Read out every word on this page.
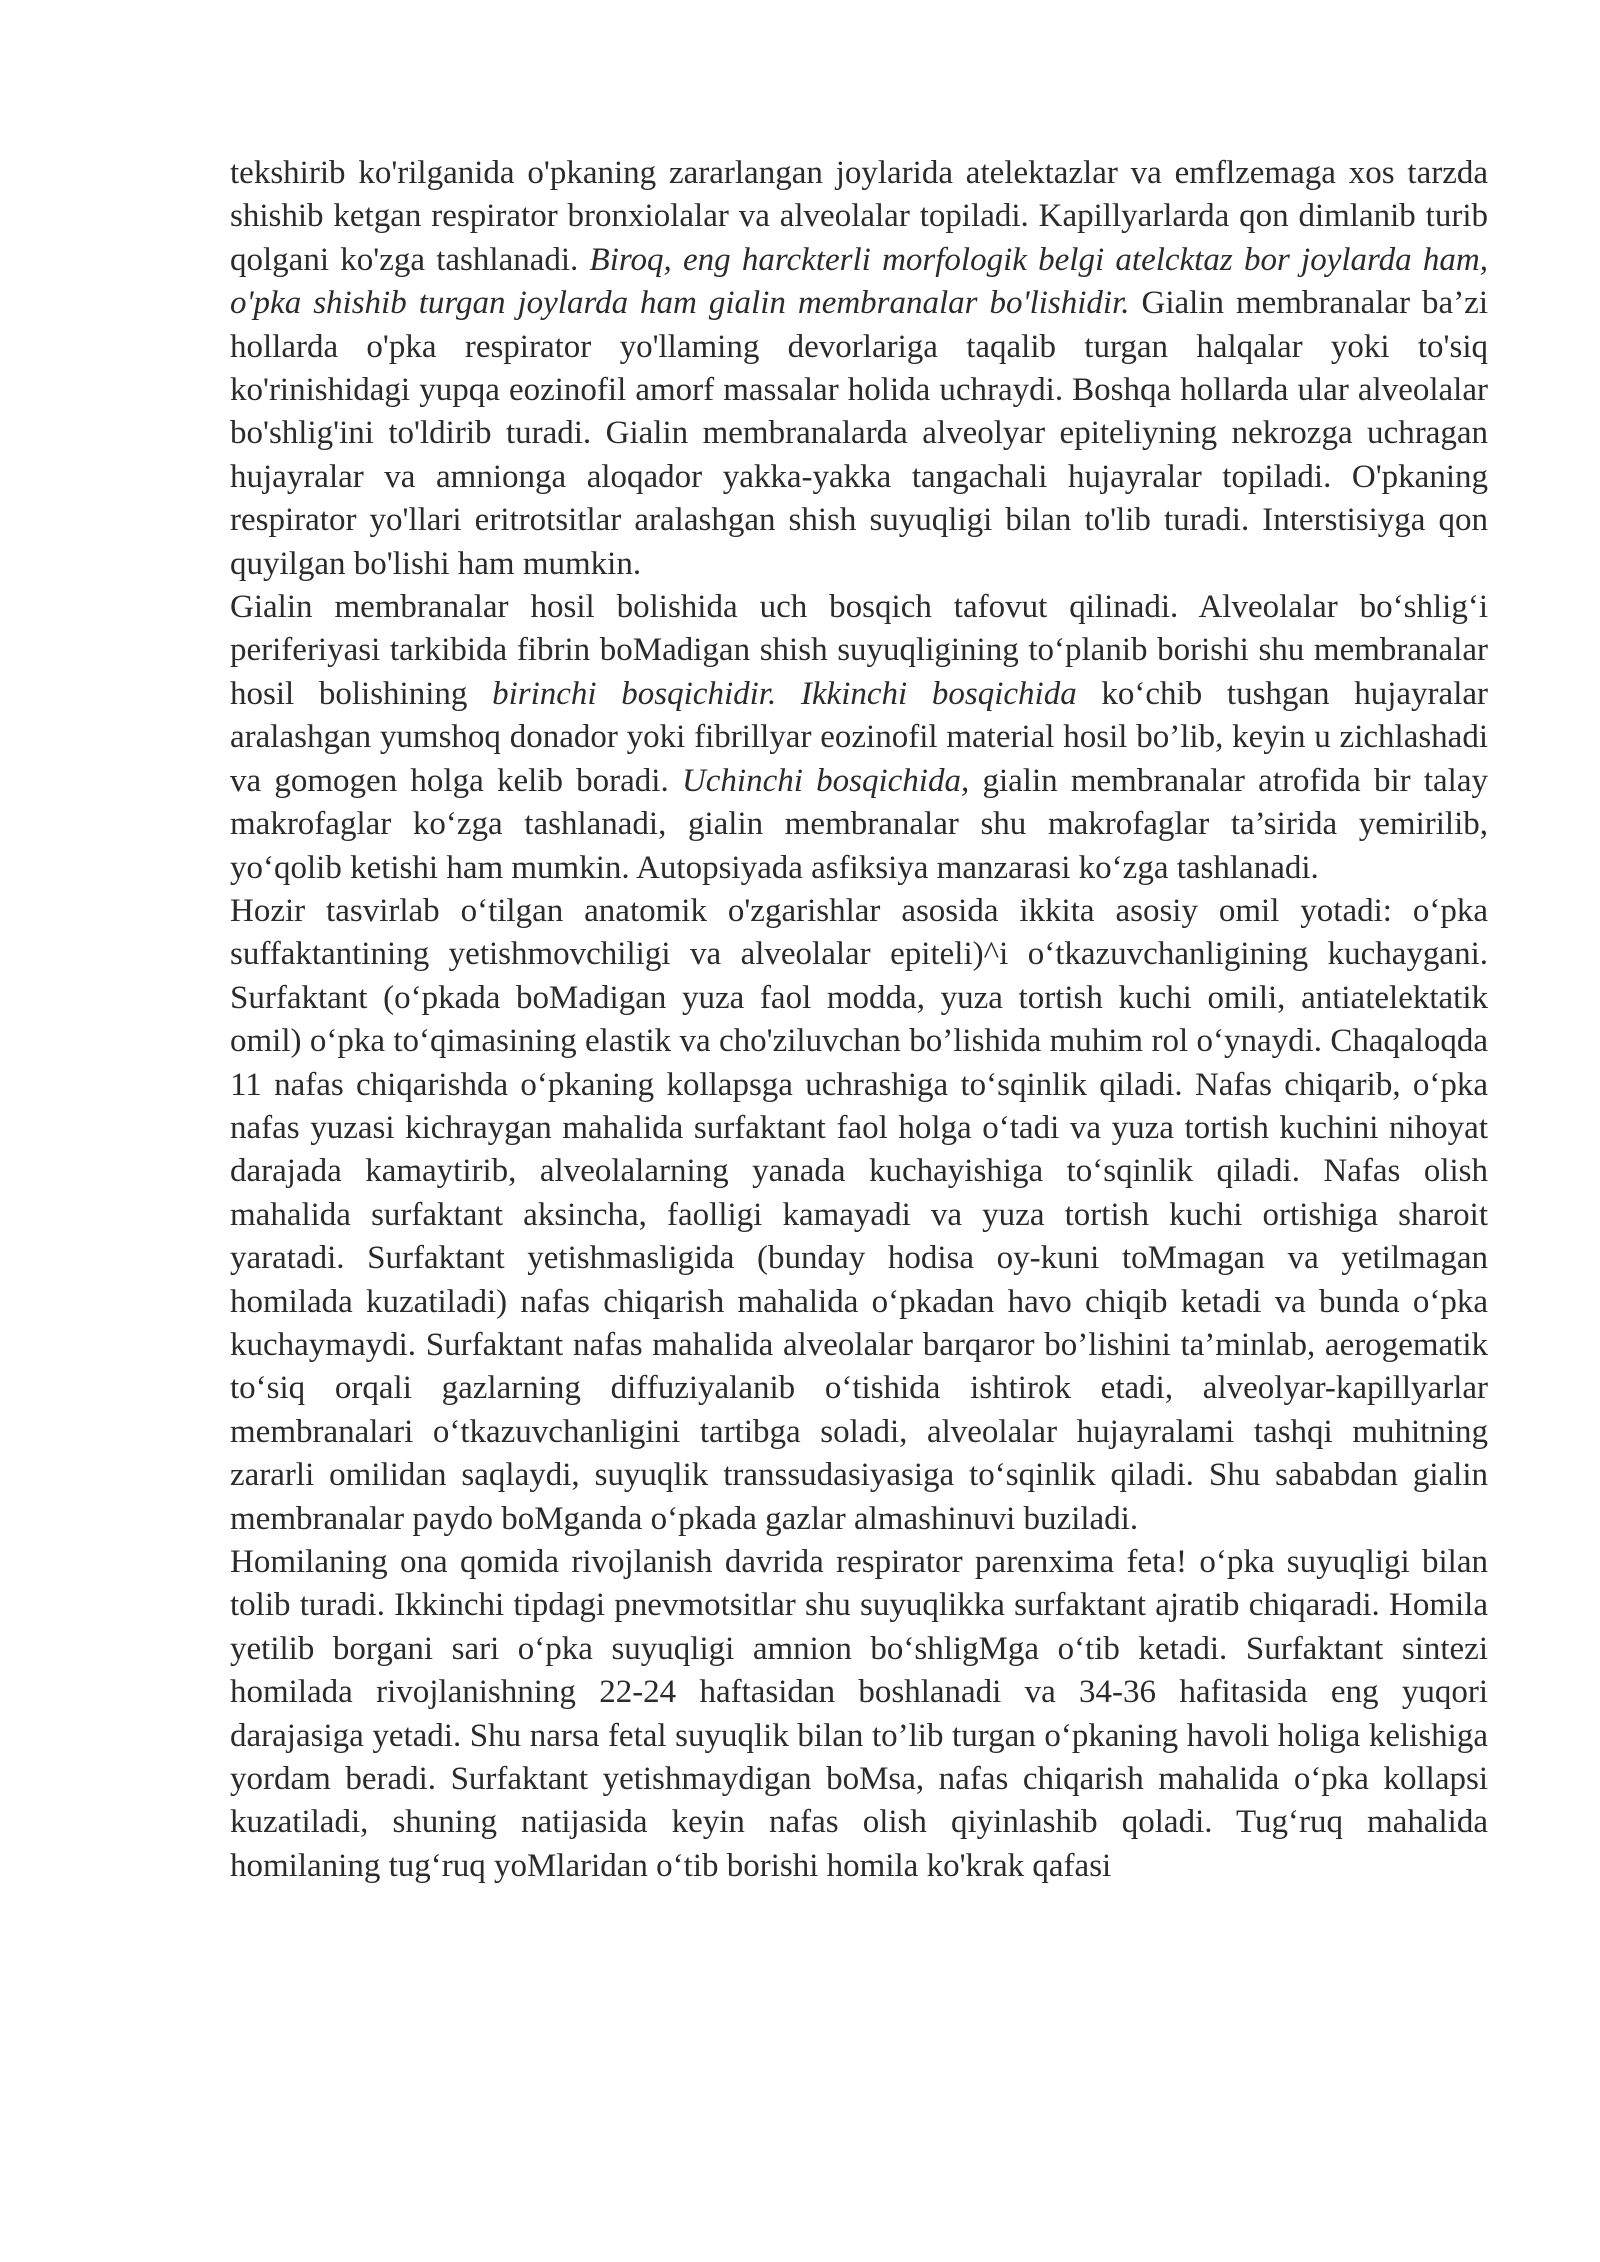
tekshirib ko'rilganida o'pkaning zararlangan joylarida atelektazlar va emflzemaga xos tarzda shishib ketgan respirator bronxiolalar va alveolalar topiladi. Kapillyarlarda qon dimlanib turib qolgani ko'zga tashlanadi. Biroq, eng harckterli morfologik belgi atelcktaz bor joylarda ham, o'pka shishib turgan joylarda ham gialin membranalar bo'lishidir. Gialin membranalar ba’zi hollarda o'pka respirator yo'llaming devorlariga taqalib turgan halqalar yoki to'siq ko'rinishidagi yupqa eozinofil amorf massalar holida uchraydi. Boshqa hollarda ular alveolalar bo'shlig'ini to'ldirib turadi. Gialin membranalarda alveolyar epiteliyning nekrozga uchragan hujayralar va amnionga aloqador yakka-yakka tangachali hujayralar topiladi. O'pkaning respirator yo'llari eritrotsitlar aralashgan shish suyuqligi bilan to'lib turadi. Interstisiyga qon quyilgan bo'lishi ham mumkin.

Gialin membranalar hosil bolishida uch bosqich tafovut qilinadi. Alveolalar bo‘shlig‘i periferiyasi tarkibida fibrin boMadigan shish suyuqligining to‘planib borishi shu membranalar hosil bolishining birinchi bosqichidir. Ikkinchi bosqichida ko‘chib tushgan hujayralar aralashgan yumshoq donador yoki fibrillyar eozinofil material hosil bo’lib, keyin u zichlashadi va gomogen holga kelib boradi. Uchinchi bosqichida, gialin membranalar atrofida bir talay makrofaglar ko‘zga tashlanadi, gialin membranalar shu makrofaglar ta’sirida yemirilib, yo‘qolib ketishi ham mumkin. Autopsiyada asfiksiya manzarasi ko‘zga tashlanadi.

Hozir tasvirlab o‘tilgan anatomik o'zgarishlar asosida ikkita asosiy omil yotadi: o‘pka suffaktantining yetishmovchiligi va alveolalar epiteli)^i o‘tkazuvchanligining kuchaygani. Surfaktant (o‘pkada boMadigan yuza faol modda, yuza tortish kuchi omili, antiatelektatik omil) o‘pka to‘qimasining elastik va cho'ziluvchan bo’lishida muhim rol o‘ynaydi. Chaqaloqda 11 nafas chiqarishda o‘pkaning kollapsga uchrashiga to‘sqinlik qiladi. Nafas chiqarib, o‘pka nafas yuzasi kichraygan mahalida surfaktant faol holga o‘tadi va yuza tortish kuchini nihoyat darajada kamaytirib, alveolalarning yanada kuchayishiga to‘sqinlik qiladi. Nafas olish mahalida surfaktant aksincha, faolligi kamayadi va yuza tortish kuchi ortishiga sharoit yaratadi. Surfaktant yetishmasligida (bunday hodisa oy-kuni toMmagan va yetilmagan homilada kuzatiladi) nafas chiqarish mahalida o‘pkadan havo chiqib ketadi va bunda o‘pka kuchaymaydi. Surfaktant nafas mahalida alveolalar barqaror bo’lishini ta’minlab, aerogematik to‘siq orqali gazlarning diffuziyalanib o‘tishida ishtirok etadi, alveolyar-kapillyarlar membranalari o‘tkazuvchanligini tartibga soladi, alveolalar hujayralami tashqi muhitning zararli omilidan saqlaydi, suyuqlik transsudasiyasiga to‘sqinlik qiladi. Shu sababdan gialin membranalar paydo boMganda o‘pkada gazlar almashinuvi buziladi.

Homilaning ona qomida rivojlanish davrida respirator parenxima feta! o‘pka suyuqligi bilan tolib turadi. Ikkinchi tipdagi pnevmotsitlar shu suyuqlikka surfaktant ajratib chiqaradi. Homila yetilib borgani sari o‘pka suyuqligi amnion bo‘shligMga o‘tib ketadi. Surfaktant sintezi homilada rivojlanishning 22-24 haftasidan boshlanadi va 34-36 hafitasida eng yuqori darajasiga yetadi. Shu narsa fetal suyuqlik bilan to’lib turgan o‘pkaning havoli holiga kelishiga yordam beradi. Surfaktant yetishmaydigan boMsa, nafas chiqarish mahalida o‘pka kollapsi kuzatiladi, shuning natijasida keyin nafas olish qiyinlashib qoladi. Tug‘ruq mahalida homilaning tug‘ruq yoMlaridan o‘tib borishi homila ko'krak qafasi
